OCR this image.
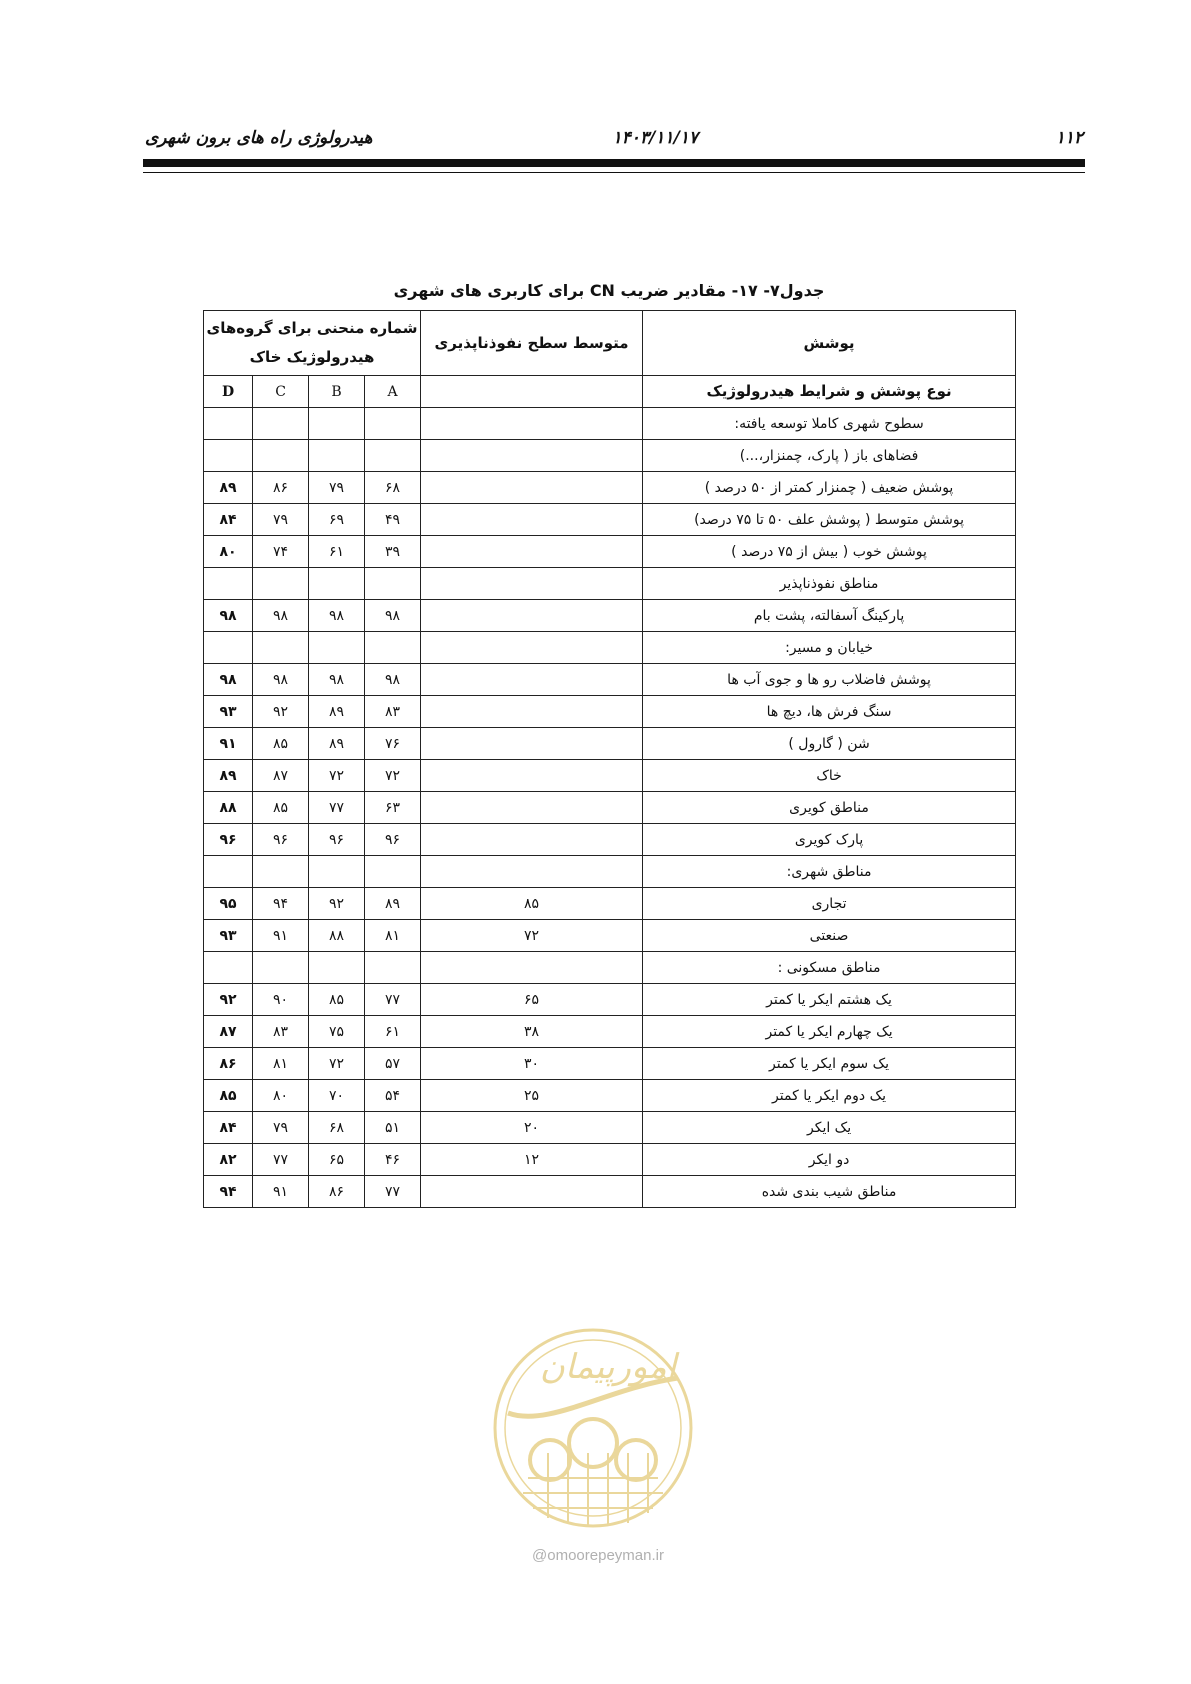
۱۱۲
۱۴۰۳/۱۱/۱۷
هیدرولوژی راه های برون شهری
جدول۷- ۱۷- مقادیر ضریب CN برای کاربری های شهری
پوشش	متوسط سطح نفوذناپذیری	شماره منحنی برای گروه‌های
هیدرولوژیک خاک			

نوع پوشش و شرایط هیدرولوژیک		A	B	C	D
سطوح شهری کاملا توسعه یافته:					
فضاهای باز ( پارک، چمنزار،...)					
پوشش ضعیف ( چمنزار کمتر از ۵۰ درصد )		۶۸	۷۹	۸۶	۸۹
پوشش متوسط ( پوشش علف ۵۰ تا ۷۵ درصد)		۴۹	۶۹	۷۹	۸۴
پوشش خوب ( بیش از ۷۵ درصد )		۳۹	۶۱	۷۴	۸۰
مناطق نفوذناپذیر					
پارکینگ آسفالته، پشت بام		۹۸	۹۸	۹۸	۹۸
خیابان و مسیر:					
پوشش فاضلاب رو ها و جوی آب ها		۹۸	۹۸	۹۸	۹۸
سنگ فرش ها، دیچ ها		۸۳	۸۹	۹۲	۹۳
شن ( گارول )		۷۶	۸۹	۸۵	۹۱
خاک		۷۲	۷۲	۸۷	۸۹
مناطق کویری		۶۳	۷۷	۸۵	۸۸
پارک کویری		۹۶	۹۶	۹۶	۹۶
مناطق شهری:					
تجاری	۸۵	۸۹	۹۲	۹۴	۹۵
صنعتی	۷۲	۸۱	۸۸	۹۱	۹۳
مناطق مسکونی :					
یک هشتم ایکر یا کمتر	۶۵	۷۷	۸۵	۹۰	۹۲
یک چهارم ایکر یا کمتر	۳۸	۶۱	۷۵	۸۳	۸۷
یک سوم ایکر یا کمتر	۳۰	۵۷	۷۲	۸۱	۸۶
یک دوم ایکر یا کمتر	۲۵	۵۴	۷۰	۸۰	۸۵
یک ایکر	۲۰	۵۱	۶۸	۷۹	۸۴
دو ایکر	۱۲	۴۶	۶۵	۷۷	۸۲
مناطق شیب بندی شده		۷۷	۸۶	۹۱	۹۴
امورپیمان
@omoorepeyman.ir
